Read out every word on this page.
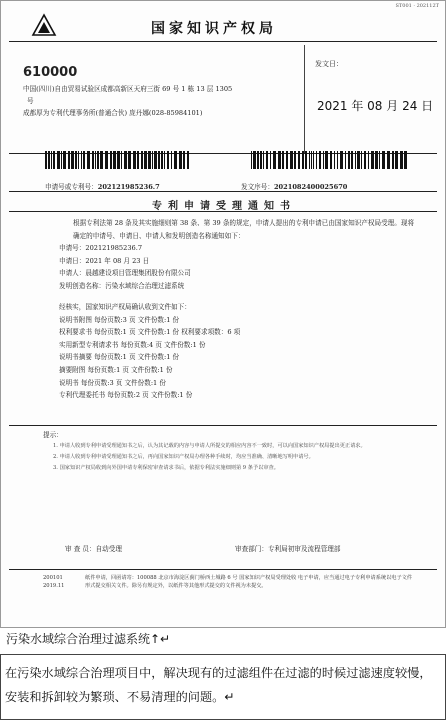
ST001 · 202112T
国家知识产权局
610000
中国(四川)自由贸易试验区成都高新区天府三街 69 号 1 栋 13 层 1305
号
成都厚为专利代理事务所(普通合伙) 庞丹娜(028-85984101)
发文日：
2021 年 08 月 24 日
申请号或专利号：202121985236.7	发文序号：2021082400025670
专利申请受理通知书
根据专利法第 28 条及其实施细则第 38 条、第 39 条的规定，申请人提出的专利申请已由国家知识产权局受理。现将确定的申请号、申请日、申请人和发明创造名称通知如下：
申请号：202121985236.7
申请日：2021 年 08 月 23 日
申请人：晨越建设项目管理集团股份有限公司
发明创造名称：污染水域综合治理过滤系统
经核实，国家知识产权局确认收到文件如下：
说明书附图 每份页数:3 页 文件份数:1 份
权利要求书 每份页数:1 页 文件份数:1 份 权利要求项数：6 项
实用新型专利请求书 每份页数:4 页 文件份数:1 份
说明书摘要 每份页数:1 页 文件份数:1 份
摘要附图 每份页数:1 页 文件份数:1 份
说明书 每份页数:3 页 文件份数:1 份
专利代理委托书 每份页数:2 页 文件份数:1 份
提示：
1. 申请人收到专利申请受理通知书之后，认为其记载的内容与申请人所提交的相应内容不一致时，可以向国家知识产权局提出更正请求。
2. 申请人收到专利申请受理通知书之后，再向国家知识产权局办理各种手续时，均应当准确、清晰地写明申请号。
3. 国家知识产权局收到向外国申请专利保密审查请求书后，依据专利法实施细则第 9 条予以审查。
审 查 员：自动受理	审查部门：专利局初审及流程管理部
200101
2019.11
纸件申请，回函请寄：100088 北京市海淀区蓟门桥西土城路 6 号 国家知识产权局受理处收 电子申请，应当通过电子专利申请系统以电子文件形式提交相关文件。除另有规定外，以纸件等其他形式提交的文件视为未提交。
污染水域综合治理过滤系统↑↵
在污染水域综合治理项目中，解决现有的过滤组件在过滤的时候过滤速度较慢，安装和拆卸较为繁琐、不易清理的问题。↵
